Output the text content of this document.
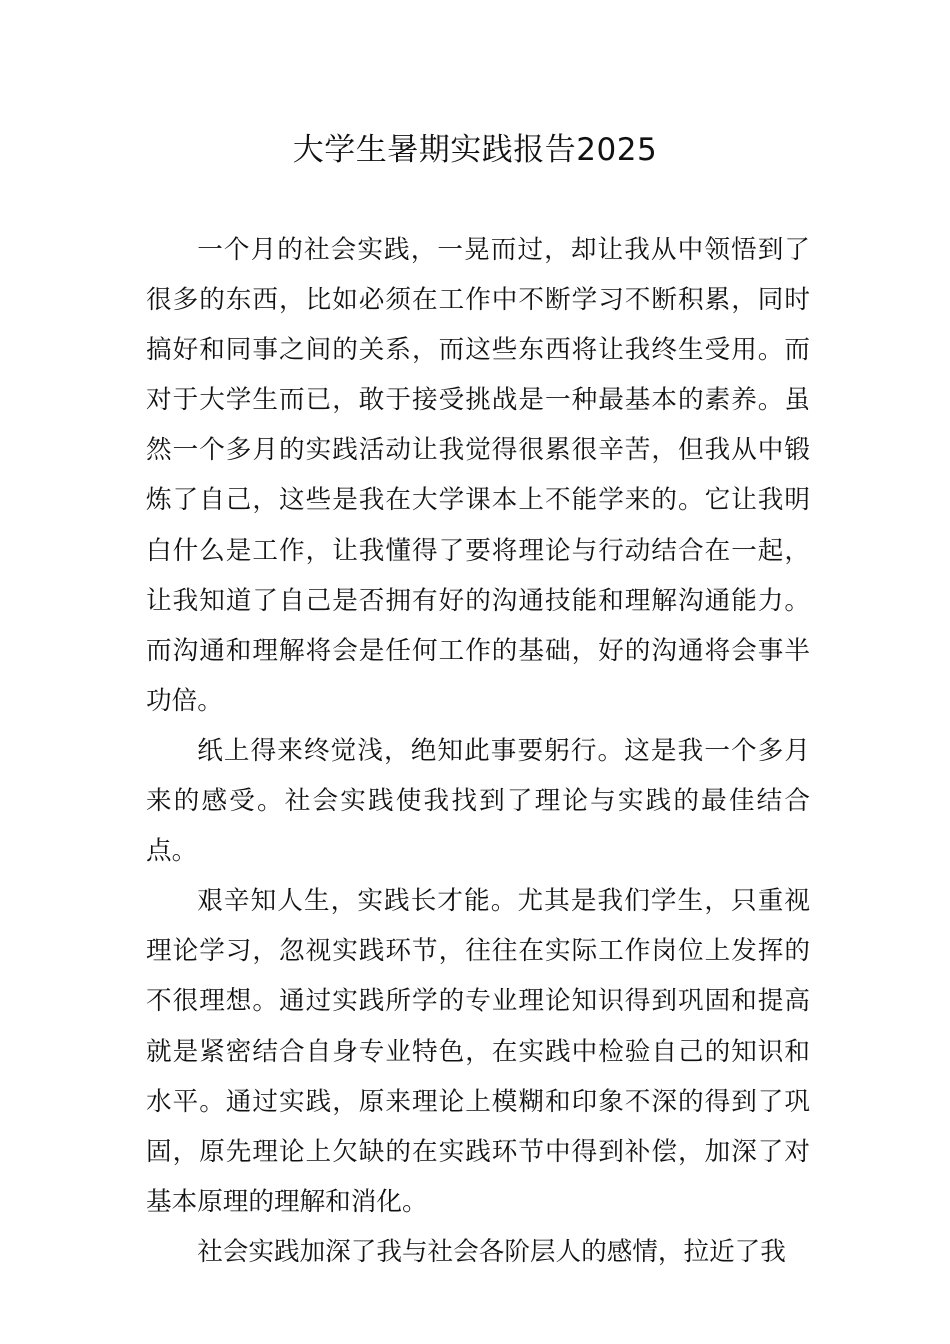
大学生暑期实践报告2025

一个月的社会实践，一晃而过，却让我从中领悟到了很多的东西，比如必须在工作中不断学习不断积累，同时搞好和同事之间的关系，而这些东西将让我终生受用。而对于大学生而已，敢于接受挑战是一种最基本的素养。虽然一个多月的实践活动让我觉得很累很辛苦，但我从中锻炼了自己，这些是我在大学课本上不能学来的。它让我明白什么是工作，让我懂得了要将理论与行动结合在一起，让我知道了自己是否拥有好的沟通技能和理解沟通能力。而沟通和理解将会是任何工作的基础，好的沟通将会事半功倍。

纸上得来终觉浅，绝知此事要躬行。这是我一个多月来的感受。社会实践使我找到了理论与实践的最佳结合点。

艰辛知人生，实践长才能。尤其是我们学生，只重视理论学习，忽视实践环节，往往在实际工作岗位上发挥的不很理想。通过实践所学的专业理论知识得到巩固和提高就是紧密结合自身专业特色，在实践中检验自己的知识和水平。通过实践，原来理论上模糊和印象不深的得到了巩固，原先理论上欠缺的在实践环节中得到补偿，加深了对基本原理的理解和消化。

社会实践加深了我与社会各阶层人的感情，拉近了我
